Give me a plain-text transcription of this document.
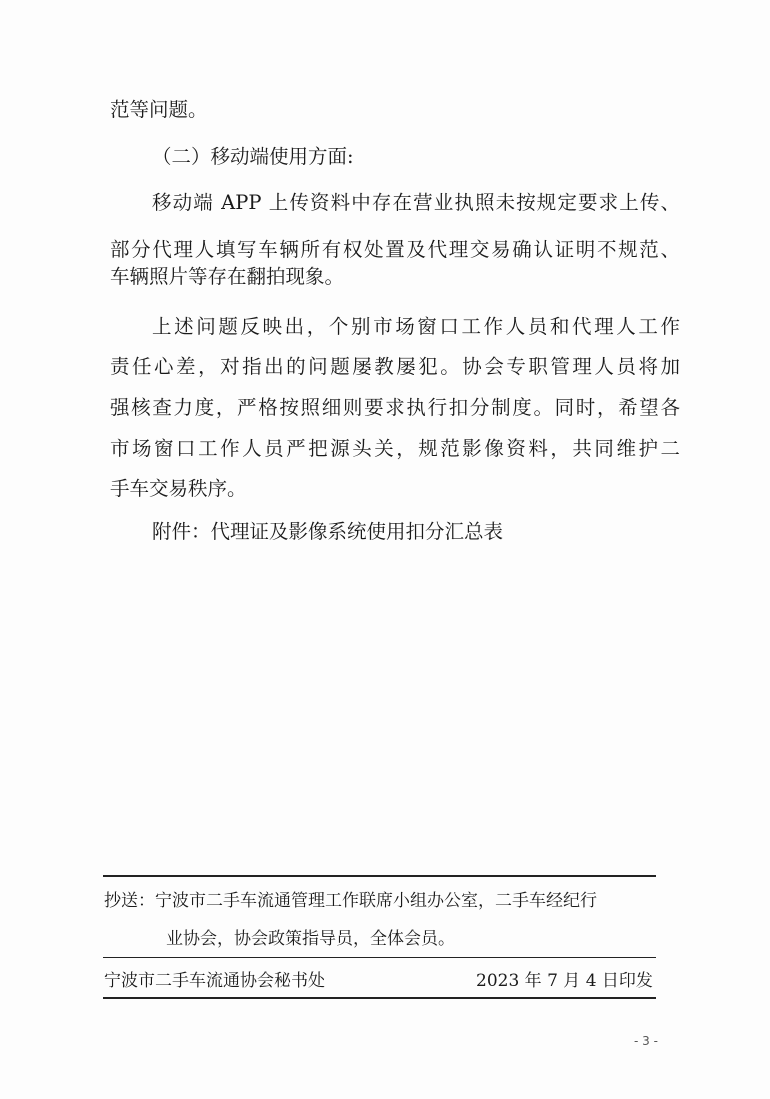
范等问题。
（二）移动端使用方面:
移动端 APP 上传资料中存在营业执照未按规定要求上传、
部分代理人填写车辆所有权处置及代理交易确认证明不规范、
车辆照片等存在翻拍现象。
上述问题反映出，个别市场窗口工作人员和代理人工作
责任心差，对指出的问题屡教屡犯。协会专职管理人员将加
强核查力度，严格按照细则要求执行扣分制度。同时，希望各
市场窗口工作人员严把源头关，规范影像资料，共同维护二
手车交易秩序。
附件：代理证及影像系统使用扣分汇总表
抄送：宁波市二手车流通管理工作联席小组办公室，二手车经纪行
业协会，协会政策指导员，全体会员。
宁波市二手车流通协会秘书处	2023 年 7 月 4 日印发
- 3 -
